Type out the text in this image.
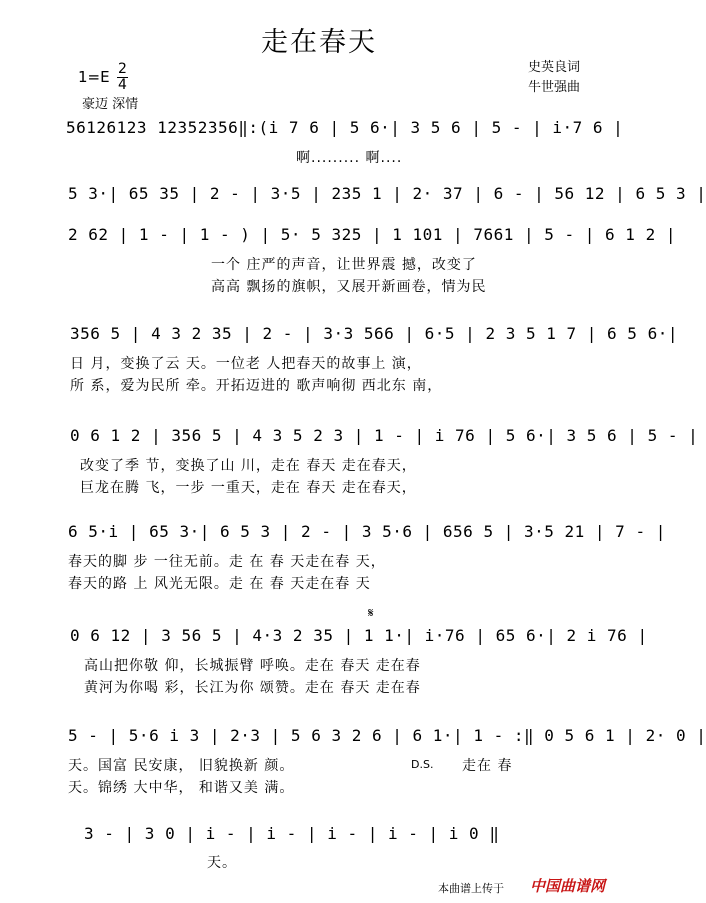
走在春天
1=E 2
4
豪迈 深情
史英良词
牛世强曲
56126123 12352356‖:(i 7 6 | 5 6·| 3 5 6 | 5 - | i·7 6 |
啊......... 啊....
5 3·| 65 35 | 2 - | 3·5 | 235 1 | 2· 37 | 6 - | 56 12 | 6 5 3 |
2 62 | 1 - | 1 - ) | 5· 5 325 | 1 101 | 7661 | 5 - | 6 1 2 |
一个 庄严的声音，让世界震 撼，改变了
高高 飘扬的旗帜，又展开新画卷，情为民
356 5 | 4 3 2 35 | 2 - | 3·3 566 | 6·5 | 2 3 5 1 7 | 6 5 6·|
日 月，变换了云 天。一位老 人把春天的故事上 演，
所 系，爱为民所 牵。开拓迈进的 歌声响彻 西北东 南，
0 6 1 2 | 356 5 | 4 3 5 2 3 | 1 - | i 76 | 5 6·| 3 5 6 | 5 - |
改变了季 节，变换了山 川，走在 春天 走在春天，
巨龙在腾 飞，一步 一重天，走在 春天 走在春天，
6 5·i | 65 3·| 6 5 3 | 2 - | 3 5·6 | 656 5 | 3·5 21 | 7 - |
春天的脚 步 一往无前。走 在 春 天走在春 天，
春天的路 上 风光无限。走 在 春 天走在春 天
𝄋
0 6 12 | 3 56 5 | 4·3 2 35 | 1 1·| i·76 | 65 6·| 2 i 76 |
高山把你敬 仰，长城振臂 呼唤。走在 春天 走在春
黄河为你喝 彩，长江为你 颂赞。走在 春天 走在春
5 - | 5·6 i 3 | 2·3 | 5 6 3 2 6 | 6 1·| 1 - :‖ 0 5 6 1 | 2· 0 |
天。国富 民安康， 旧貌换新 颜。
天。锦绣 大中华， 和谐又美 满。
D.S. 走在 春
3 - | 3 0 | i - | i - | i - | i - | i 0 ‖
天。
本曲谱上传于 中国曲谱网
